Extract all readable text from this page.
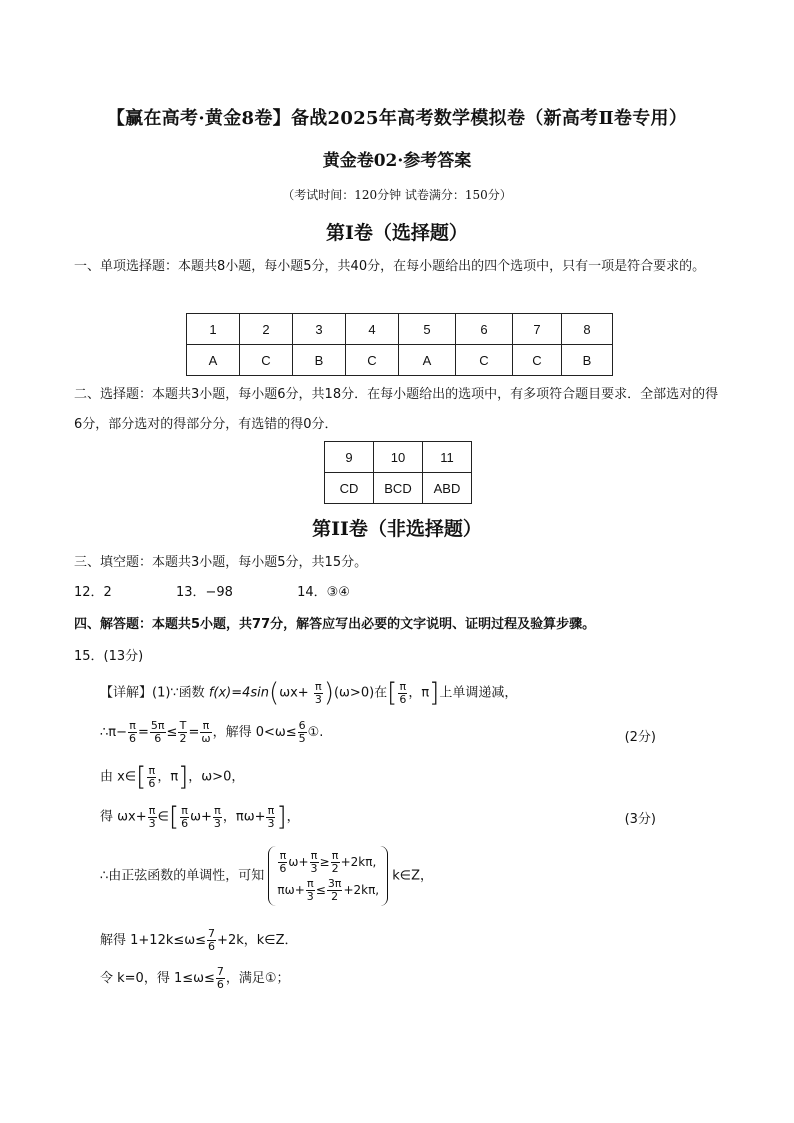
【赢在高考·黄金8卷】备战2025年高考数学模拟卷（新高考Ⅱ卷专用）
黄金卷02·参考答案
（考试时间：120分钟 试卷满分：150分）
第I卷（选择题）
一、单项选择题：本题共8小题，每小题5分，共40分，在每小题给出的四个选项中，只有一项是符合要求的。
1	2	3	4	5	6	7	8
A	C	B	C	A	C	C	B
二、选择题：本题共3小题，每小题6分，共18分．在每小题给出的选项中，有多项符合题目要求．全部选对的得6分，部分选对的得部分分，有选错的得0分．
9	10	11
CD	BCD	ABD
第II卷（非选择题）
三、填空题：本题共3小题，每小题5分，共15分。
12．2	13．−98	14．③④
四、解答题：本题共5小题，共77分，解答应写出必要的文字说明、证明过程及验算步骤。
15．(13分)
【详解】(1)∵函数 $f(x)=4\sin(\omega x+ \frac{\pi}{3} )(\omega>0)$在[ $\frac{\pi}{6}$ ，π]上单调递减，
∴π− $\frac{\pi}{6} = \frac{5\pi}{6} \le \frac{T}{2} = \frac{\pi}{\omega}$ ，解得 $0<\omega\le \frac{6}{5}$ ①.	(2分)
由 x∈[ $\frac{\pi}{6}$ ，π]，ω>0，
得 $\omega x+ \frac{\pi}{3}$ ∈[ $\frac{\pi}{6} \omega+ \frac{\pi}{3}$ ，$\pi\omega+ \frac{\pi}{3}$ ]，	(3分)
∴由正弦函数的单调性，可知
$\frac{\pi}{6} \omega+ \frac{\pi}{3} \ge \frac{\pi}{2} +2k\pi$,
$\pi\omega+ \frac{\pi}{3} \le \frac{3\pi}{2} +2k\pi$,
k∈Z，
解得 $1+12k\le\omega\le \frac{7}{6} +2k$，k∈Z．
令 k=0，得 $1\le\omega\le \frac{7}{6}$ ，满足①；
